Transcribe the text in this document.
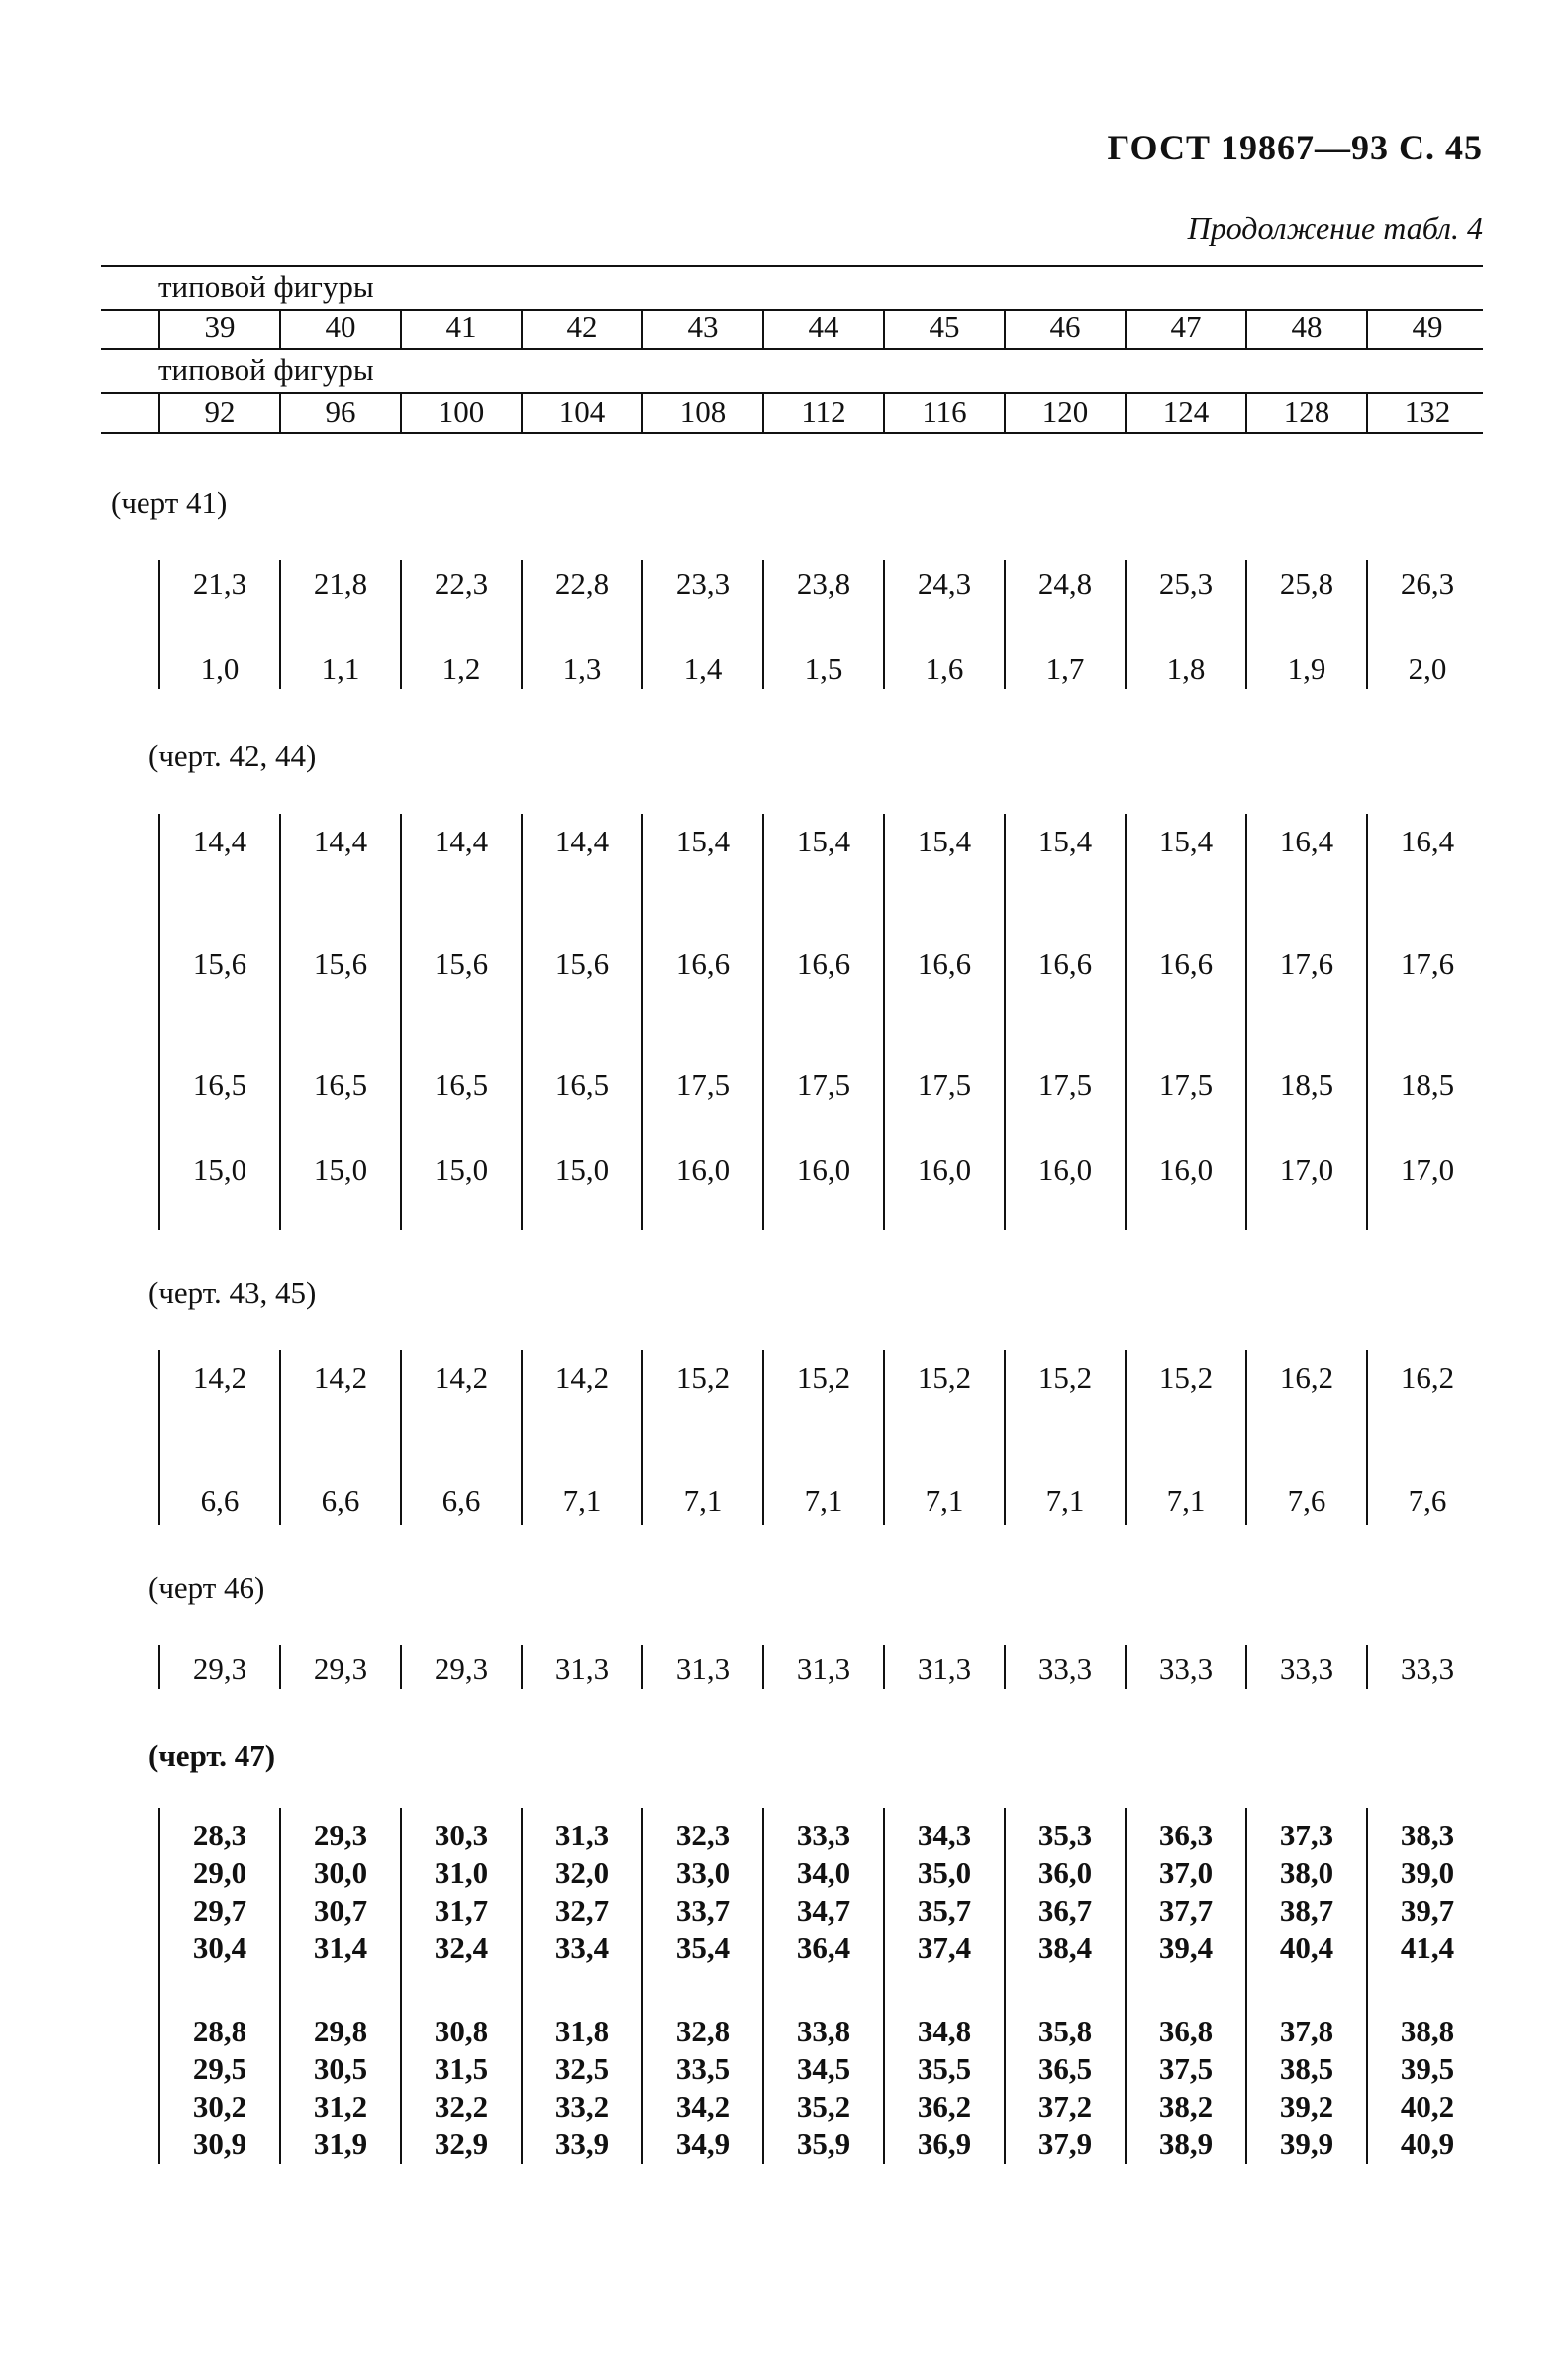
ГОСТ 19867—93 С. 45
Продолжение табл. 4
типовой фигуры
типовой фигуры
39	40	41	42	43	44	45	46	47	48	49
92	96	100	104	108	112	116	120	124	128	132
(черт 41)
21,3	21,8	22,3	22,8	23,3	23,8	24,3	24,8	25,3	25,8	26,3
1,0	1,1	1,2	1,3	1,4	1,5	1,6	1,7	1,8	1,9	2,0
(черт. 42, 44)
14,4	14,4	14,4	14,4	15,4	15,4	15,4	15,4	15,4	16,4	16,4
15,6	15,6	15,6	15,6	16,6	16,6	16,6	16,6	16,6	17,6	17,6
16,5	16,5	16,5	16,5	17,5	17,5	17,5	17,5	17,5	18,5	18,5
15,0	15,0	15,0	15,0	16,0	16,0	16,0	16,0	16,0	17,0	17,0
(черт. 43, 45)
14,2	14,2	14,2	14,2	15,2	15,2	15,2	15,2	15,2	16,2	16,2
6,6	6,6	6,6	7,1	7,1	7,1	7,1	7,1	7,1	7,6	7,6
(черт 46)
29,3	29,3	29,3	31,3	31,3	31,3	31,3	33,3	33,3	33,3	33,3
(черт. 47)
28,3	29,3	30,3	31,3	32,3	33,3	34,3	35,3	36,3	37,3	38,3
29,0	30,0	31,0	32,0	33,0	34,0	35,0	36,0	37,0	38,0	39,0
29,7	30,7	31,7	32,7	33,7	34,7	35,7	36,7	37,7	38,7	39,7
30,4	31,4	32,4	33,4	35,4	36,4	37,4	38,4	39,4	40,4	41,4
28,8	29,8	30,8	31,8	32,8	33,8	34,8	35,8	36,8	37,8	38,8
29,5	30,5	31,5	32,5	33,5	34,5	35,5	36,5	37,5	38,5	39,5
30,2	31,2	32,2	33,2	34,2	35,2	36,2	37,2	38,2	39,2	40,2
30,9	31,9	32,9	33,9	34,9	35,9	36,9	37,9	38,9	39,9	40,9
